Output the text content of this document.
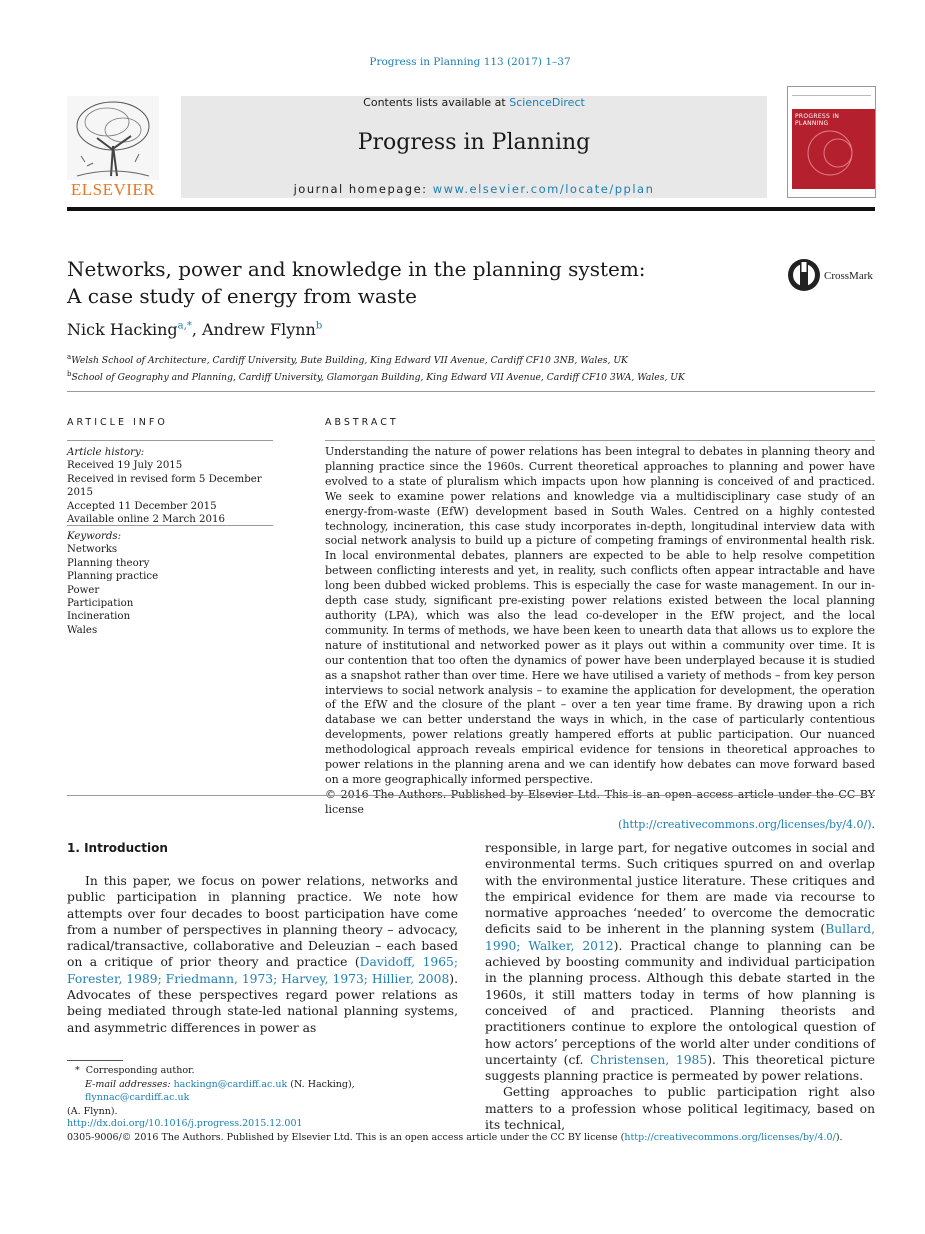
Progress in Planning 113 (2017) 1–37
ELSEVIER
Contents lists available at ScienceDirect
Progress in Planning
journal homepage: www.elsevier.com/locate/pplan
PROGRESS IN PLANNING
Networks, power and knowledge in the planning system:
A case study of energy from waste
CrossMark
Nick Hacking$^{a,*}$, Andrew Flynn$^b$
$^a$Welsh School of Architecture, Cardiff University, Bute Building, King Edward VII Avenue, Cardiff CF10 3NB, Wales, UK
$^b$School of Geography and Planning, Cardiff University, Glamorgan Building, King Edward VII Avenue, Cardiff CF10 3WA, Wales, UK
ARTICLE INFO	ABSTRACT
Article history:
Received 19 July 2015
Received in revised form 5 December 2015
Accepted 11 December 2015
Available online 2 March 2016
Keywords:
Networks
Planning theory
Planning practice
Power
Participation
Incineration
Wales
Understanding the nature of power relations has been integral to debates in planning theory and planning practice since the 1960s. Current theoretical approaches to planning and power have evolved to a state of pluralism which impacts upon how planning is conceived of and practiced. We seek to examine power relations and knowledge via a multidisciplinary case study of an energy-from-waste (EfW) development based in South Wales. Centred on a highly contested technology, incineration, this case study incorporates in-depth, longitudinal interview data with social network analysis to build up a picture of competing framings of environmental health risk. In local environmental debates, planners are expected to be able to help resolve competition between conflicting interests and yet, in reality, such conflicts often appear intractable and have long been dubbed wicked problems. This is especially the case for waste management. In our in-depth case study, significant pre-existing power relations existed between the local planning authority (LPA), which was also the lead co-developer in the EfW project, and the local community. In terms of methods, we have been keen to unearth data that allows us to explore the nature of institutional and networked power as it plays out within a community over time. It is our contention that too often the dynamics of power have been underplayed because it is studied as a snapshot rather than over time. Here we have utilised a variety of methods – from key person interviews to social network analysis – to examine the application for development, the operation of the EfW and the closure of the plant – over a ten year time frame. By drawing upon a rich database we can better understand the ways in which, in the case of particularly contentious developments, power relations greatly hampered efforts at public participation. Our nuanced methodological approach reveals empirical evidence for tensions in theoretical approaches to power relations in the planning arena and we can identify how debates can move forward based on a more geographically informed perspective.
license
(http://creativecommons.org/licenses/by/4.0/).
1. Introduction

In this paper, we focus on power relations, networks and public participation in planning practice. We note how attempts over four decades to boost participation have come from a number of perspectives in planning theory – advocacy, radical/transactive, collaborative and Deleuzian – each based on a critique of prior theory and practice (Davidoff, 1965; Forester, 1989; Friedmann, 1973; Harvey, 1973; Hillier, 2008). Advocates of these perspectives regard power relations as being mediated through state-led national planning systems, and asymmetric differences in power as

responsible, in large part, for negative outcomes in social and environmental terms. Such critiques spurred on and overlap with the environmental justice literature. These critiques and the empirical evidence for them are made via recourse to normative approaches ‘needed’ to overcome the democratic deficits said to be inherent in the planning system (Bullard, 1990; Walker, 2012). Practical change to planning can be achieved by boosting community and individual participation in the planning process. Although this debate started in the 1960s, it still matters today in terms of how planning is conceived of and practiced. Planning theorists and practitioners continue to explore the ontological question of how actors’ perceptions of the world alter under conditions of uncertainty (cf. Christensen, 1985). This theoretical picture suggests planning practice is permeated by power relations.

Getting approaches to public participation right also matters to a profession whose political legitimacy, based on its technical,

* Corresponding author.
E-mail addresses: hackingn@cardiff.ac.uk (N. Hacking), flynnac@cardiff.ac.uk
(A. Flynn).
http://dx.doi.org/10.1016/j.progress.2015.12.001
0305-9006/© 2016 The Authors. Published by Elsevier Ltd. This is an open access article under the CC BY license (http://creativecommons.org/licenses/by/4.0/).
